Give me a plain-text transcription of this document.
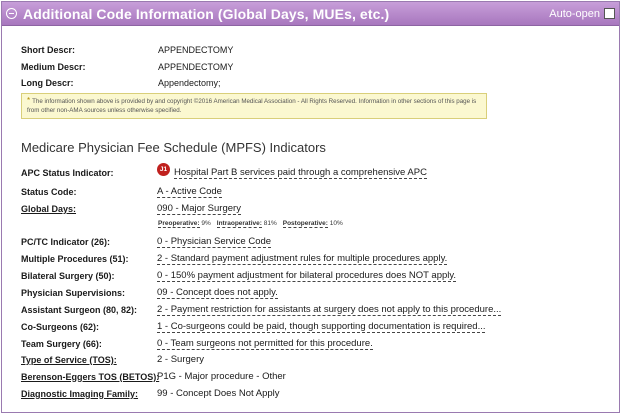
Additional Code Information (Global Days, MUEs, etc.)	Auto-open
Short Descr:	APPENDECTOMY
Medium Descr:	APPENDECTOMY
Long Descr:	Appendectomy;
* The information shown above is provided by and copyright ©2016 American Medical Association - All Rights Reserved. Information in other sections of this page is from other non-AMA sources unless otherwise specified.
Medicare Physician Fee Schedule (MPFS) Indicators
APC Status Indicator:	J1 Hospital Part B services paid through a comprehensive APC
Status Code:	A - Active Code
Global Days:	090 - Major Surgery
Preoperative: 9% Intraoperative: 81% Postoperative: 10%
PC/TC Indicator (26):	0 - Physician Service Code
Multiple Procedures (51):	2 - Standard payment adjustment rules for multiple procedures apply.
Bilateral Surgery (50):	0 - 150% payment adjustment for bilateral procedures does NOT apply.
Physician Supervisions:	09 - Concept does not apply.
Assistant Surgeon (80, 82):	2 - Payment restriction for assistants at surgery does not apply to this procedure...
Co-Surgeons (62):	1 - Co-surgeons could be paid, though supporting documentation is required...
Team Surgery (66):	0 - Team surgeons not permitted for this procedure.
Type of Service (TOS):	2 - Surgery
Berenson-Eggers TOS (BETOS):
P1G - Major procedure - Other
Diagnostic Imaging Family:	99 - Concept Does Not Apply
